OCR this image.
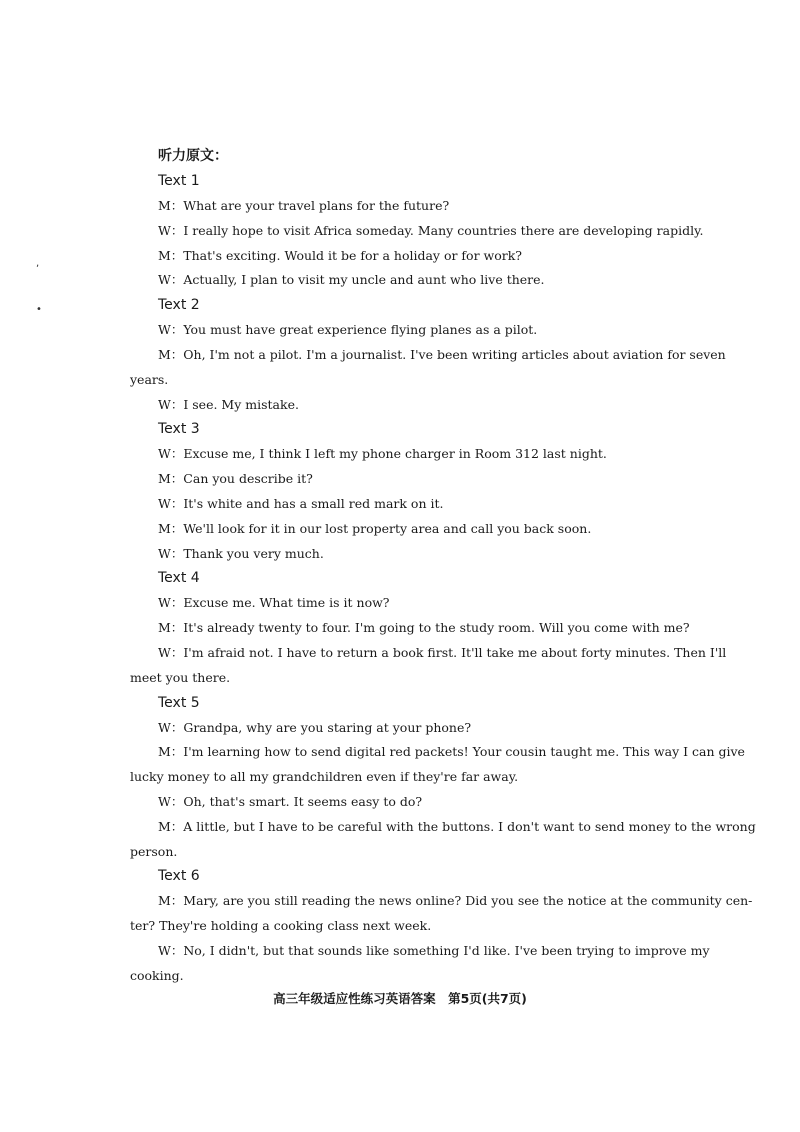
,
•
听力原文：
Text 1
M：What are your travel plans for the future?
W：I really hope to visit Africa someday. Many countries there are developing rapidly.
M：That's exciting. Would it be for a holiday or for work?
W：Actually, I plan to visit my uncle and aunt who live there.
Text 2
W：You must have great experience flying planes as a pilot.
M：Oh, I'm not a pilot. I'm a journalist. I've been writing articles about aviation for seven
years.
W：I see. My mistake.
Text 3
W：Excuse me, I think I left my phone charger in Room 312 last night.
M：Can you describe it?
W：It's white and has a small red mark on it.
M：We'll look for it in our lost property area and call you back soon.
W：Thank you very much.
Text 4
W：Excuse me. What time is it now?
M：It's already twenty to four. I'm going to the study room. Will you come with me?
W：I'm afraid not. I have to return a book first. It'll take me about forty minutes. Then I'll
meet you there.
Text 5
W：Grandpa, why are you staring at your phone?
M：I'm learning how to send digital red packets! Your cousin taught me. This way I can give
lucky money to all my grandchildren even if they're far away.
W：Oh, that's smart. It seems easy to do?
M：A little, but I have to be careful with the buttons. I don't want to send money to the wrong
person.
Text 6
M：Mary, are you still reading the news online? Did you see the notice at the community cen-
ter? They're holding a cooking class next week.
W：No, I didn't, but that sounds like something I'd like. I've been trying to improve my
cooking.
高三年级适应性练习英语答案　第5页(共7页)
